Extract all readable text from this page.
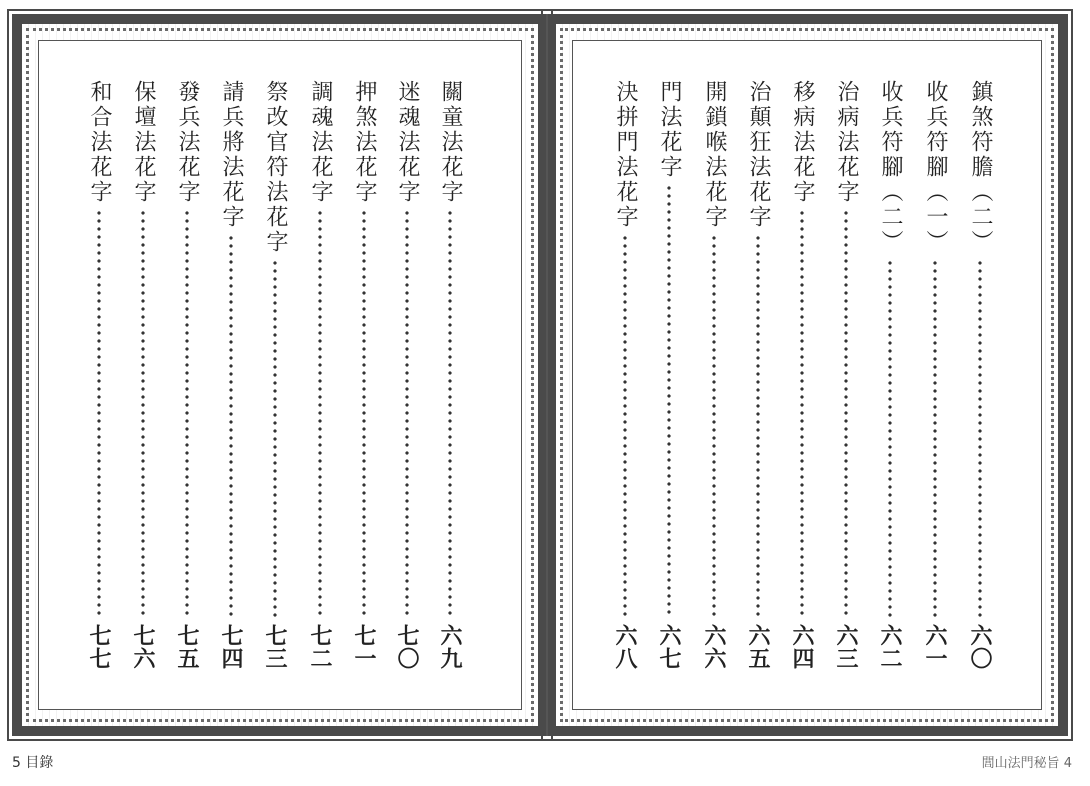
關童法花字
六九
迷魂法花字
七〇
押煞法花字
七一
調魂法花字
七二
祭改官符法花字
七三
請兵將法花字
七四
發兵法花字
七五
保壇法花字
七六
和合法花字
七七
鎮煞符膽（二）
六〇
收兵符腳（一）
六一
收兵符腳（二）
六二
治病法花字
六三
移病法花字
六四
治顛狂法花字
六五
開鎖喉法花字
六六
門法花字
六七
決拼門法花字
六八
5 目錄	閭山法門秘旨 4
